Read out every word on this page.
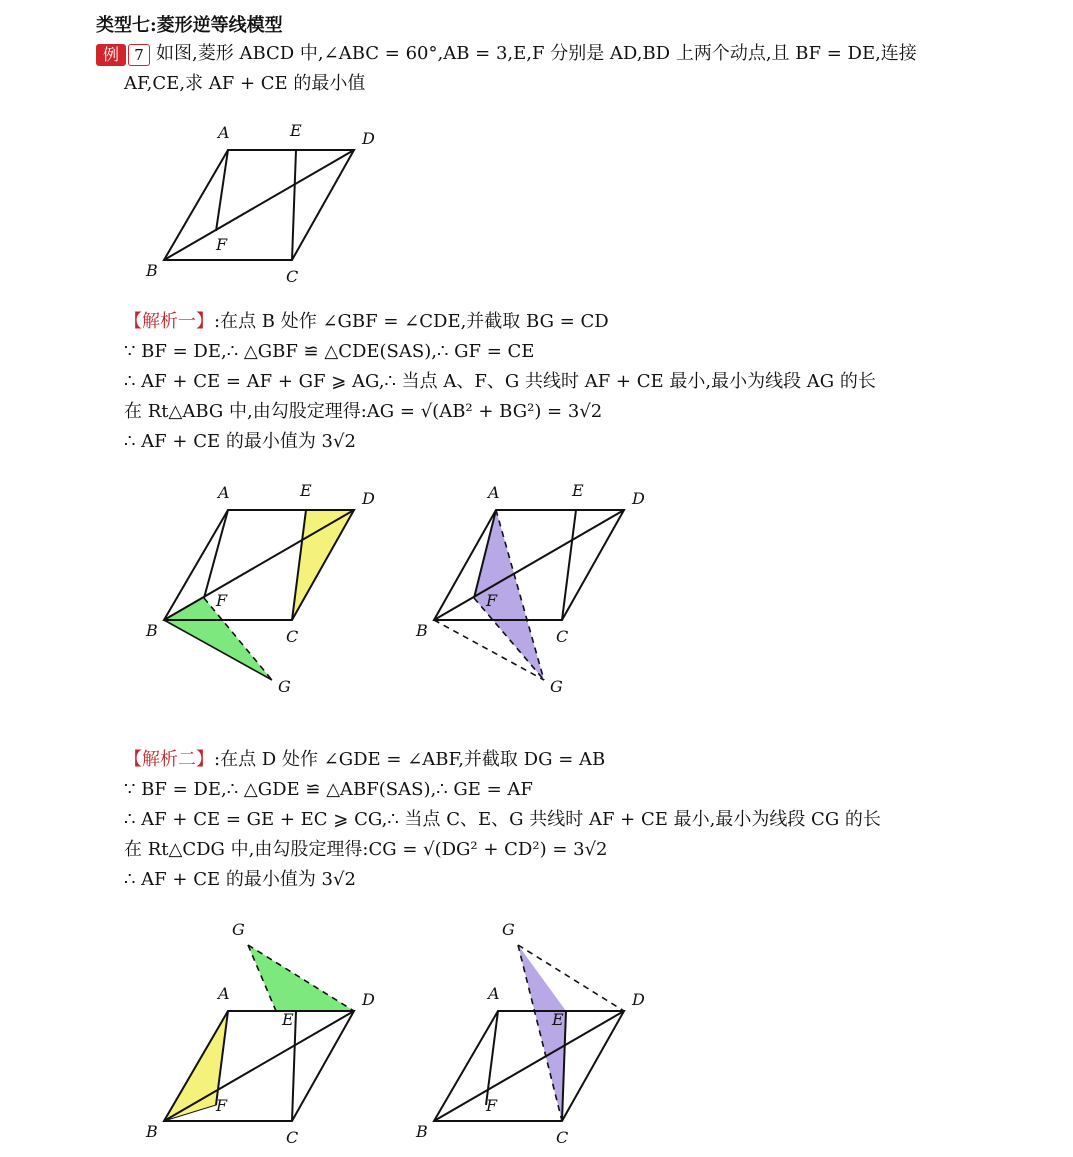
类型七:菱形逆等线模型
例	7 如图,菱形 ABCD 中,∠ABC = 60°,AB = 3,E,F 分别是 AD,BD 上两个动点,且 BF = DE,连接
AF,CE,求 AF + CE 的最小值
A	E	D
B	C
F
【解析一】:在点 B 处作 ∠GBF = ∠CDE,并截取 BG = CD
∵ BF = DE,∴ △GBF ≌ △CDE(SAS),∴ GF = CE
∴ AF + CE = AF + GF ⩾ AG,∴ 当点 A、F、G 共线时 AF + CE 最小,最小为线段 AG 的长
在 Rt△ABG 中,由勾股定理得:AG = √(AB² + BG²) = 3√2
∴ AF + CE 的最小值为 3√2
A	E	D
B	C
F
G
A	E	D
B	C
F
G
【解析二】:在点 D 处作 ∠GDE = ∠ABF,并截取 DG = AB
∵ BF = DE,∴ △GDE ≌ △ABF(SAS),∴ GE = AF
∴ AF + CE = GE + EC ⩾ CG,∴ 当点 C、E、G 共线时 AF + CE 最小,最小为线段 CG 的长
在 Rt△CDG 中,由勾股定理得:CG = √(DG² + CD²) = 3√2
∴ AF + CE 的最小值为 3√2
G
A
E
D
B	C
F
G
A
E
D
B	C
F
